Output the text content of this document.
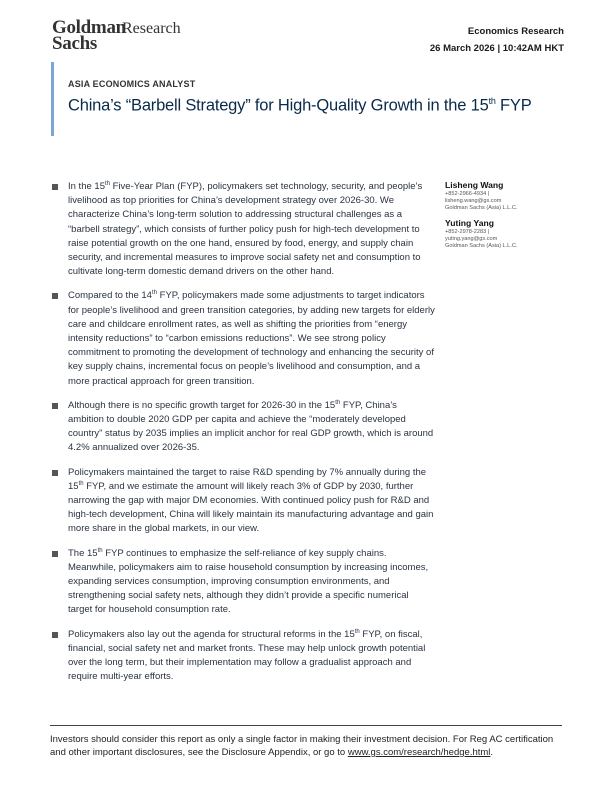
Goldman
Sachs
Research	Economics Research
26 March 2026 | 10:42AM HKT
ASIA ECONOMICS ANALYST
China’s “Barbell Strategy” for High-Quality Growth in the 15th FYP
In the 15th Five-Year Plan (FYP), policymakers set technology, security, and people’s livelihood as top priorities for China’s development strategy over 2026-30. We characterize China’s long-term solution to addressing structural challenges as a “barbell strategy”, which consists of further policy push for high-tech development to raise potential growth on the one hand, ensured by food, energy, and supply chain security, and incremental measures to improve social safety net and consumption to cultivate long-term domestic demand drivers on the other hand.
Compared to the 14th FYP, policymakers made some adjustments to target indicators for people’s livelihood and green transition categories, by adding new targets for elderly care and childcare enrollment rates, as well as shifting the priorities from “energy intensity reductions” to “carbon emissions reductions”. We see strong policy commitment to promoting the development of technology and enhancing the security of key supply chains, incremental focus on people’s livelihood and consumption, and a more practical approach for green transition.
Although there is no specific growth target for 2026-30 in the 15th FYP, China’s ambition to double 2020 GDP per capita and achieve the “moderately developed country” status by 2035 implies an implicit anchor for real GDP growth, which is around 4.2% annualized over 2026-35.
Policymakers maintained the target to raise R&D spending by 7% annually during the 15th FYP, and we estimate the amount will likely reach 3% of GDP by 2030, further narrowing the gap with major DM economies. With continued policy push for R&D and high-tech development, China will likely maintain its manufacturing advantage and gain more share in the global markets, in our view.
The 15th FYP continues to emphasize the self-reliance of key supply chains. Meanwhile, policymakers aim to raise household consumption by increasing incomes, expanding services consumption, improving consumption environments, and strengthening social safety nets, although they didn’t provide a specific numerical target for household consumption rate.
Policymakers also lay out the agenda for structural reforms in the 15th FYP, on fiscal, financial, social safety net and market fronts. These may help unlock growth potential over the long term, but their implementation may follow a gradualist approach and require multi-year efforts.
Lisheng Wang
+852-2966-4934 |
lisheng.wang@gs.com
Goldman Sachs (Asia) L.L.C.
Yuting Yang
+852-2978-2283 |
yuting.yang@gs.com
Goldman Sachs (Asia) L.L.C.
Investors should consider this report as only a single factor in making their investment decision. For Reg AC certification and other important disclosures, see the Disclosure Appendix, or go to www.gs.com/research/hedge.html.
